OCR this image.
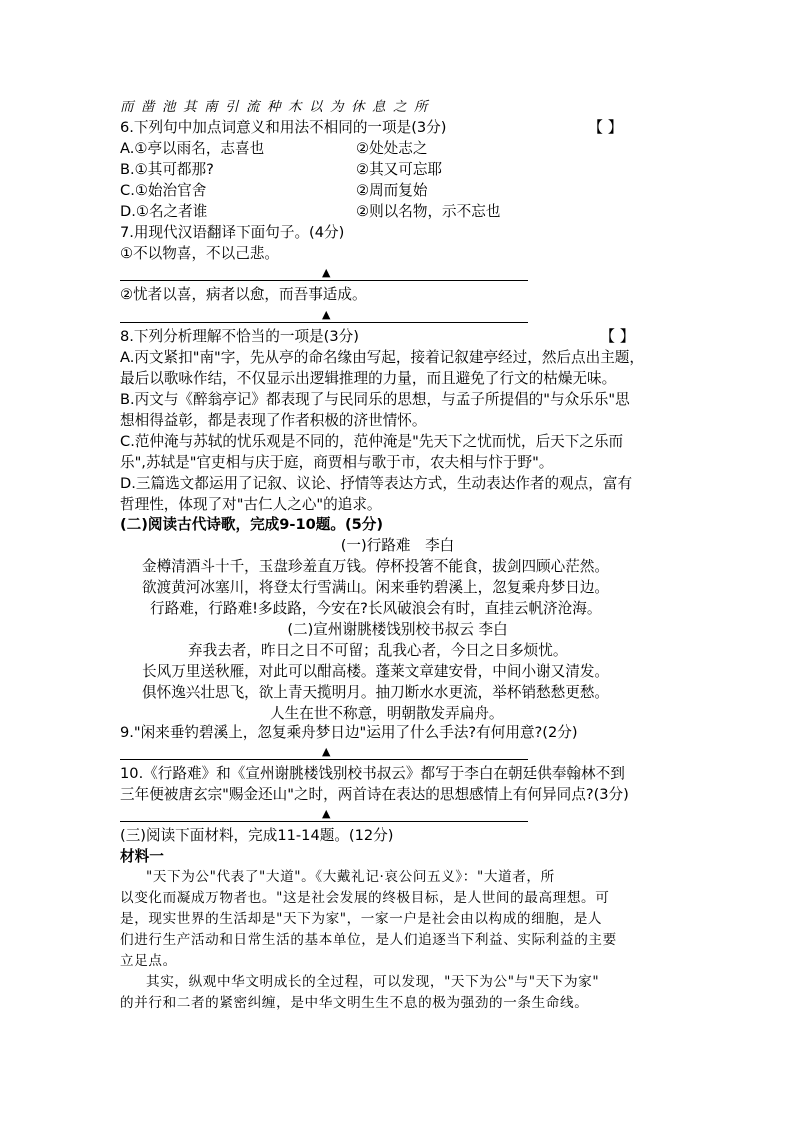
而凿池其南引流种木以为休息之所
6.下列句中加点词意义和用法不相同的一项是(3分)	【 】
A.①亭以雨名，志喜也	②处处志之
B.①其可都那?	②其又可忘耶
C.①始治官舍	②周而复始
D.①名之者谁	②则以名物，示不忘也
7.用现代汉语翻译下面句子。(4分)
①不以物喜，不以己悲。
▲
②忧者以喜，病者以愈，而吾事适成。
▲
8.下列分析理解不恰当的一项是(3分)	【 】
A.丙文紧扣"南"字，先从亭的命名缘由写起，接着记叙建亭经过，然后点出主题，
最后以歌咏作结，不仅显示出逻辑推理的力量，而且避免了行文的枯燥无味。
B.丙文与《醉翁亭记》都表现了与民同乐的思想，与孟子所提倡的"与众乐乐"思
想相得益彰，都是表现了作者积极的济世情怀。
C.范仲淹与苏轼的忧乐观是不同的，范仲淹是"先天下之忧而忧，后天下之乐而
乐",苏轼是"官吏相与庆于庭，商贾相与歌于市，农夫相与忭于野"。
D.三篇选文都运用了记叙、议论、抒情等表达方式，生动表达作者的观点，富有
哲理性，体现了对"古仁人之心"的追求。
(二)阅读古代诗歌，完成9-10题。(5分)
(一)行路难　李白
金樽清酒斗十千，玉盘珍羞直万钱。停杯投箸不能食，拔剑四顾心茫然。
欲渡黄河冰塞川，将登太行雪满山。闲来垂钓碧溪上，忽复乘舟梦日边。
行路难，行路难!多歧路，今安在?长风破浪会有时，直挂云帆济沧海。
(二)宣州谢朓楼饯别校书叔云 李白
弃我去者，昨日之日不可留；乱我心者，今日之日多烦忧。
长风万里送秋雁，对此可以酣高楼。蓬莱文章建安骨，中间小谢又清发。
俱怀逸兴壮思飞，欲上青天揽明月。抽刀断水水更流，举杯销愁愁更愁。
人生在世不称意，明朝散发弄扁舟。
9."闲来垂钓碧溪上，忽复乘舟梦日边"运用了什么手法?有何用意?(2分)
▲
10.《行路难》和《宣州谢朓楼饯别校书叔云》都写于李白在朝廷供奉翰林不到
三年便被唐玄宗"赐金还山"之时，两首诗在表达的思想感情上有何异同点?(3分)
▲
(三)阅读下面材料，完成11-14题。(12分)
材料一
"天下为公"代表了"大道"。《大戴礼记·哀公问五义》："大道者，所
以变化而凝成万物者也。"这是社会发展的终极目标，是人世间的最高理想。可
是，现实世界的生活却是"天下为家"，一家一户是社会由以构成的细胞，是人
们进行生产活动和日常生活的基本单位，是人们追逐当下利益、实际利益的主要
立足点。
其实，纵观中华文明成长的全过程，可以发现，"天下为公"与"天下为家"
的并行和二者的紧密纠缠，是中华文明生生不息的极为强劲的一条生命线。
